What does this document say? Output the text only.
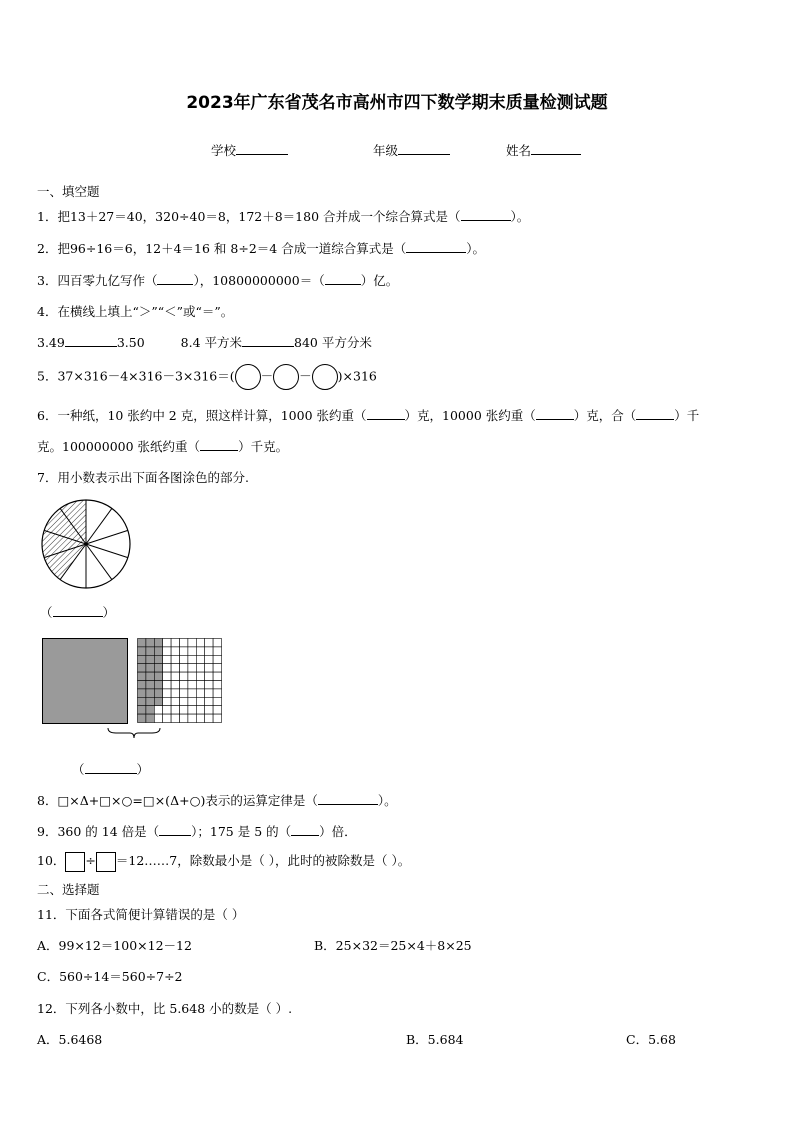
2023年广东省茂名市高州市四下数学期末质量检测试题
学校	年级	姓名
一、填空题
1．把13＋27＝40，320÷40＝8，172＋8＝180 合并成一个综合算式是（	）。
2．把96÷16＝6，12＋4＝16 和 8÷2＝4 合成一道综合算式是（	）。
3．四百零九亿写作（	），10800000000＝（	）亿。
4．在横线上填上“＞”“＜”或“＝”。
3.49	3.50	8.4 平方米	840 平方分米
5．37×316－4×316－3×316＝( － － )×316
6．一种纸，10 张约中 2 克，照这样计算，1000 张约重（	）克，10000 张约重（	）克，合（	）千
克。100000000 张纸约重（	）千克。
7．用小数表示出下面各图涂色的部分.
（	）
（	）
8．□×Δ+□×○=□×(Δ+○)表示的运算定律是（	）。
9．360 的 14 倍是（	）；175 是 5 的（ ）倍．
10． ÷ ＝12……7，除数最小是（ ），此时的被除数是（ ）。
二、选择题
11．下面各式简便计算错误的是（ ）
A．99×12＝100×12－12	B．25×32＝25×4＋8×25
C．560÷14＝560÷7÷2
12．下列各小数中，比 5.648 小的数是（ ）.
A．5.6468	B．5.684	C．5.68
